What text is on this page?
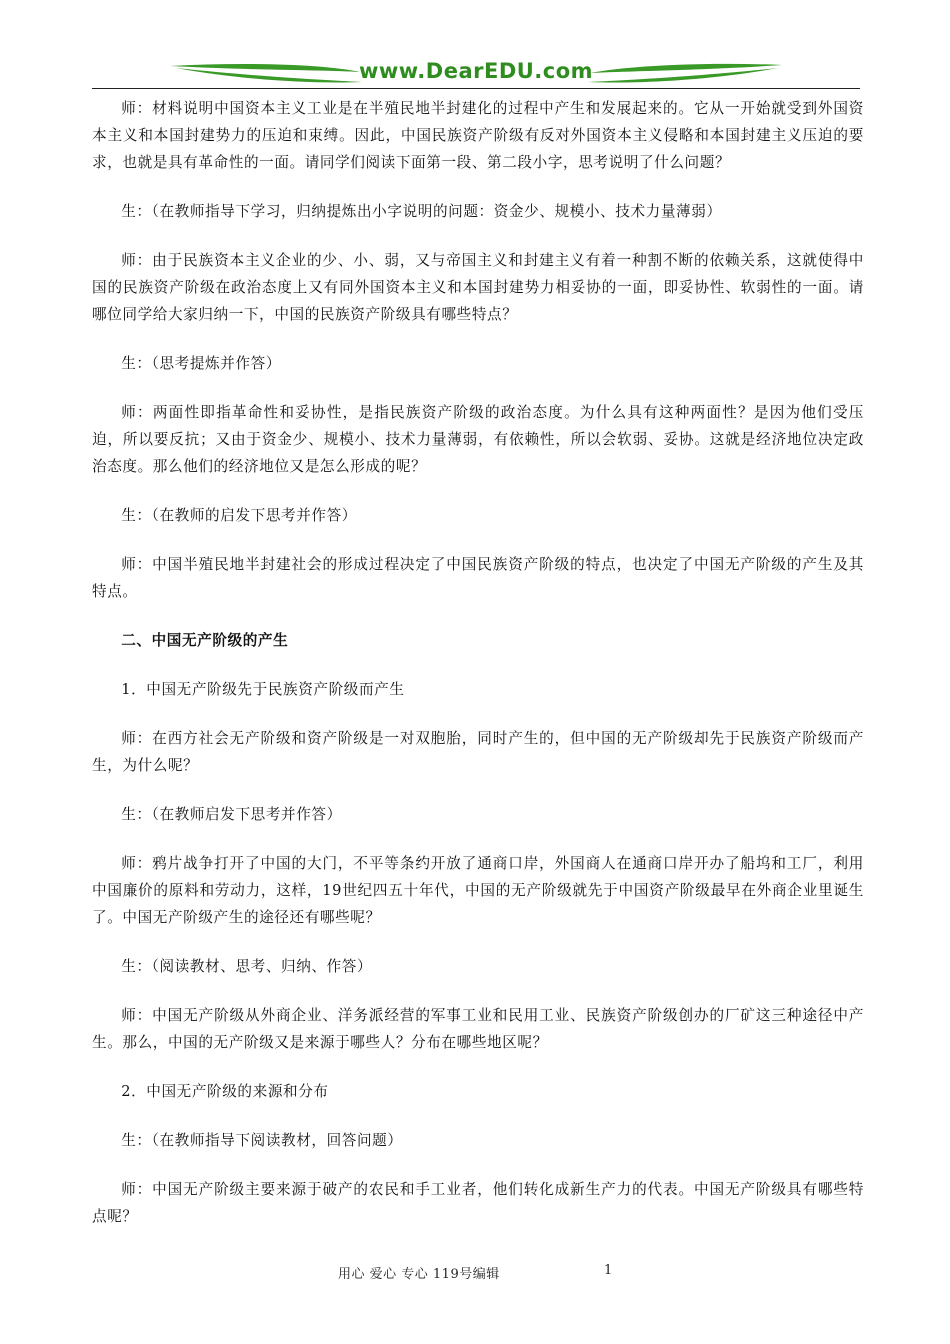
www.DearEDU.com

师：材料说明中国资本主义工业是在半殖民地半封建化的过程中产生和发展起来的。它从一开始就受到外国资本主义和本国封建势力的压迫和束缚。因此，中国民族资产阶级有反对外国资本主义侵略和本国封建主义压迫的要求，也就是具有革命性的一面。请同学们阅读下面第一段、第二段小字，思考说明了什么问题？

生：（在教师指导下学习，归纳提炼出小字说明的问题：资金少、规模小、技术力量薄弱）

师：由于民族资本主义企业的少、小、弱，又与帝国主义和封建主义有着一种割不断的依赖关系，这就使得中国的民族资产阶级在政治态度上又有同外国资本主义和本国封建势力相妥协的一面，即妥协性、软弱性的一面。请哪位同学给大家归纳一下，中国的民族资产阶级具有哪些特点？

生：（思考提炼并作答）

师：两面性即指革命性和妥协性，是指民族资产阶级的政治态度。为什么具有这种两面性？是因为他们受压迫，所以要反抗；又由于资金少、规模小、技术力量薄弱，有依赖性，所以会软弱、妥协。这就是经济地位决定政治态度。那么他们的经济地位又是怎么形成的呢？

生：（在教师的启发下思考并作答）

师：中国半殖民地半封建社会的形成过程决定了中国民族资产阶级的特点，也决定了中国无产阶级的产生及其特点。

二、中国无产阶级的产生

1．中国无产阶级先于民族资产阶级而产生

师：在西方社会无产阶级和资产阶级是一对双胞胎，同时产生的，但中国的无产阶级却先于民族资产阶级而产生，为什么呢？

生：（在教师启发下思考并作答）

师：鸦片战争打开了中国的大门，不平等条约开放了通商口岸，外国商人在通商口岸开办了船坞和工厂，利用中国廉价的原料和劳动力，这样，19世纪四五十年代，中国的无产阶级就先于中国资产阶级最早在外商企业里诞生了。中国无产阶级产生的途径还有哪些呢？

生：（阅读教材、思考、归纳、作答）

师：中国无产阶级从外商企业、洋务派经营的军事工业和民用工业、民族资产阶级创办的厂矿这三种途径中产生。那么，中国的无产阶级又是来源于哪些人？分布在哪些地区呢？

2．中国无产阶级的来源和分布

生：（在教师指导下阅读教材，回答问题）

师：中国无产阶级主要来源于破产的农民和手工业者，他们转化成新生产力的代表。中国无产阶级具有哪些特点呢？

用心 爱心 专心 119号编辑	1
